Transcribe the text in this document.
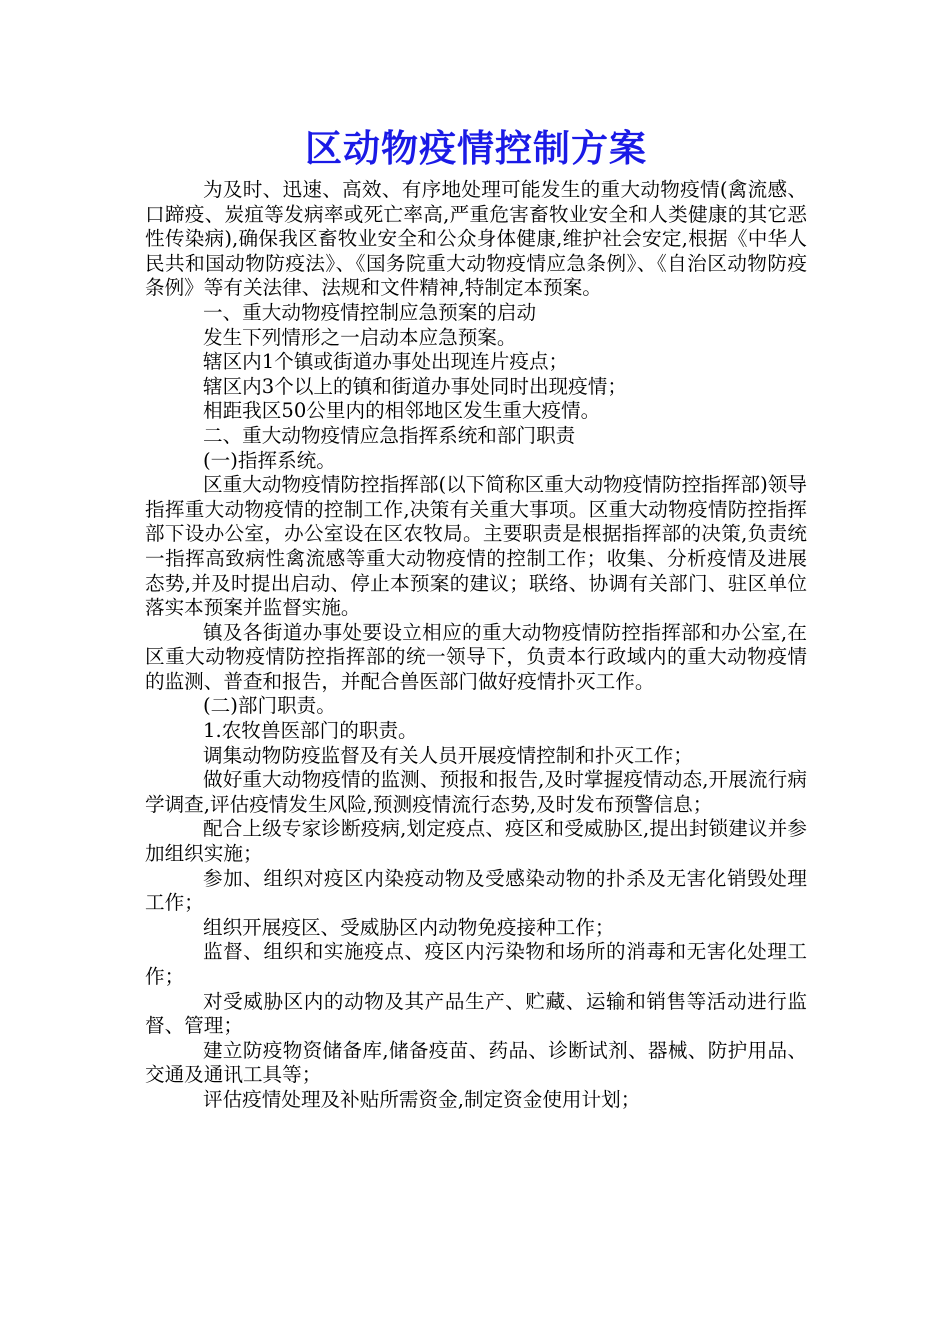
区动物疫情控制方案

为及时、迅速、高效、有序地处理可能发生的重大动物疫情(禽流感、口蹄疫、炭疽等发病率或死亡率高,严重危害畜牧业安全和人类健康的其它恶性传染病),确保我区畜牧业安全和公众身体健康,维护社会安定,根据《中华人民共和国动物防疫法》、《国务院重大动物疫情应急条例》、《自治区动物防疫条例》等有关法律、法规和文件精神,特制定本预案。

一、重大动物疫情控制应急预案的启动

发生下列情形之一启动本应急预案。

辖区内1个镇或街道办事处出现连片疫点；

辖区内3个以上的镇和街道办事处同时出现疫情；

相距我区50公里内的相邻地区发生重大疫情。

二、重大动物疫情应急指挥系统和部门职责

(一)指挥系统。

区重大动物疫情防控指挥部(以下简称区重大动物疫情防控指挥部)领导指挥重大动物疫情的控制工作,决策有关重大事项。区重大动物疫情防控指挥部下设办公室，办公室设在区农牧局。主要职责是根据指挥部的决策,负责统一指挥高致病性禽流感等重大动物疫情的控制工作；收集、分析疫情及进展态势,并及时提出启动、停止本预案的建议；联络、协调有关部门、驻区单位落实本预案并监督实施。

镇及各街道办事处要设立相应的重大动物疫情防控指挥部和办公室,在区重大动物疫情防控指挥部的统一领导下，负责本行政域内的重大动物疫情的监测、普查和报告，并配合兽医部门做好疫情扑灭工作。

(二)部门职责。

1.农牧兽医部门的职责。

调集动物防疫监督及有关人员开展疫情控制和扑灭工作；

做好重大动物疫情的监测、预报和报告,及时掌握疫情动态,开展流行病学调查,评估疫情发生风险,预测疫情流行态势,及时发布预警信息；

配合上级专家诊断疫病,划定疫点、疫区和受威胁区,提出封锁建议并参加组织实施；

参加、组织对疫区内染疫动物及受感染动物的扑杀及无害化销毁处理工作；

组织开展疫区、受威胁区内动物免疫接种工作；

监督、组织和实施疫点、疫区内污染物和场所的消毒和无害化处理工作；

对受威胁区内的动物及其产品生产、贮藏、运输和销售等活动进行监督、管理；

建立防疫物资储备库,储备疫苗、药品、诊断试剂、器械、防护用品、交通及通讯工具等；

评估疫情处理及补贴所需资金,制定资金使用计划；
